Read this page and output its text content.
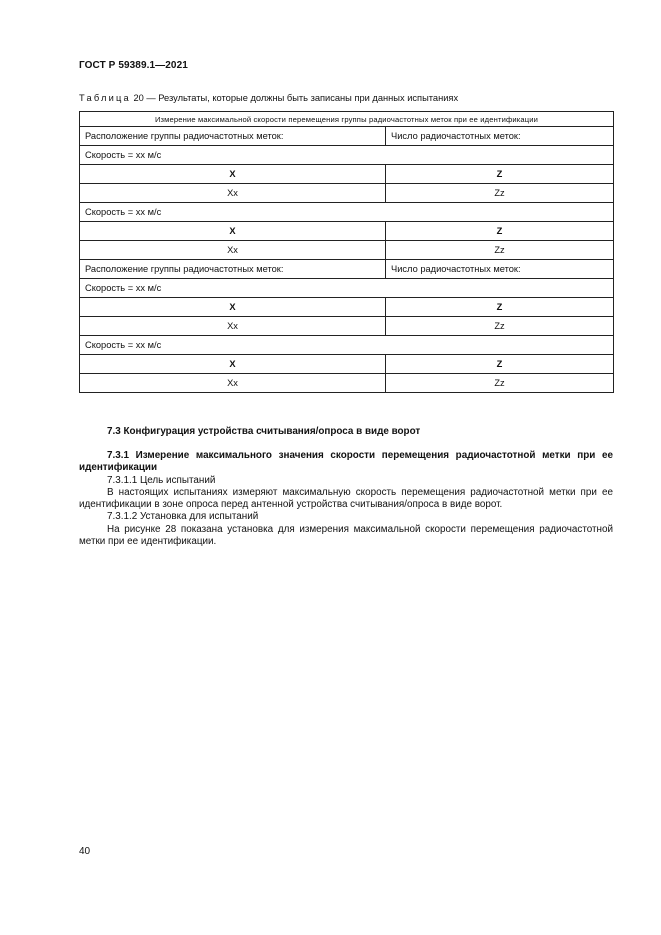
ГОСТ Р 59389.1—2021
Таблица 20 — Результаты, которые должны быть записаны при данных испытаниях
Измерение максимальной скорости перемещения группы радиочастотных меток при ее идентификации	
Расположение группы радиочастотных меток:	Число радиочастотных меток:
Скорость = хх м/с	
X	Z
Xx	Zz
Скорость = хх м/с	
X	Z
Xx	Zz
Расположение группы радиочастотных меток:	Число радиочастотных меток:
Скорость = хх м/с	
X	Z
Xx	Zz
Скорость = хх м/с	
X	Z
Xx	Zz

7.3 Конфигурация устройства считывания/опроса в виде ворот

7.3.1 Измерение максимального значения скорости перемещения радиочастотной метки при ее идентификации

7.3.1.1 Цель испытаний

В настоящих испытаниях измеряют максимальную скорость перемещения радиочастотной метки при ее идентификации в зоне опроса перед антенной устройства считывания/опроса в виде ворот.

7.3.1.2 Установка для испытаний

На рисунке 28 показана установка для измерения максимальной скорости перемещения радиочастотной метки при ее идентификации.

40
